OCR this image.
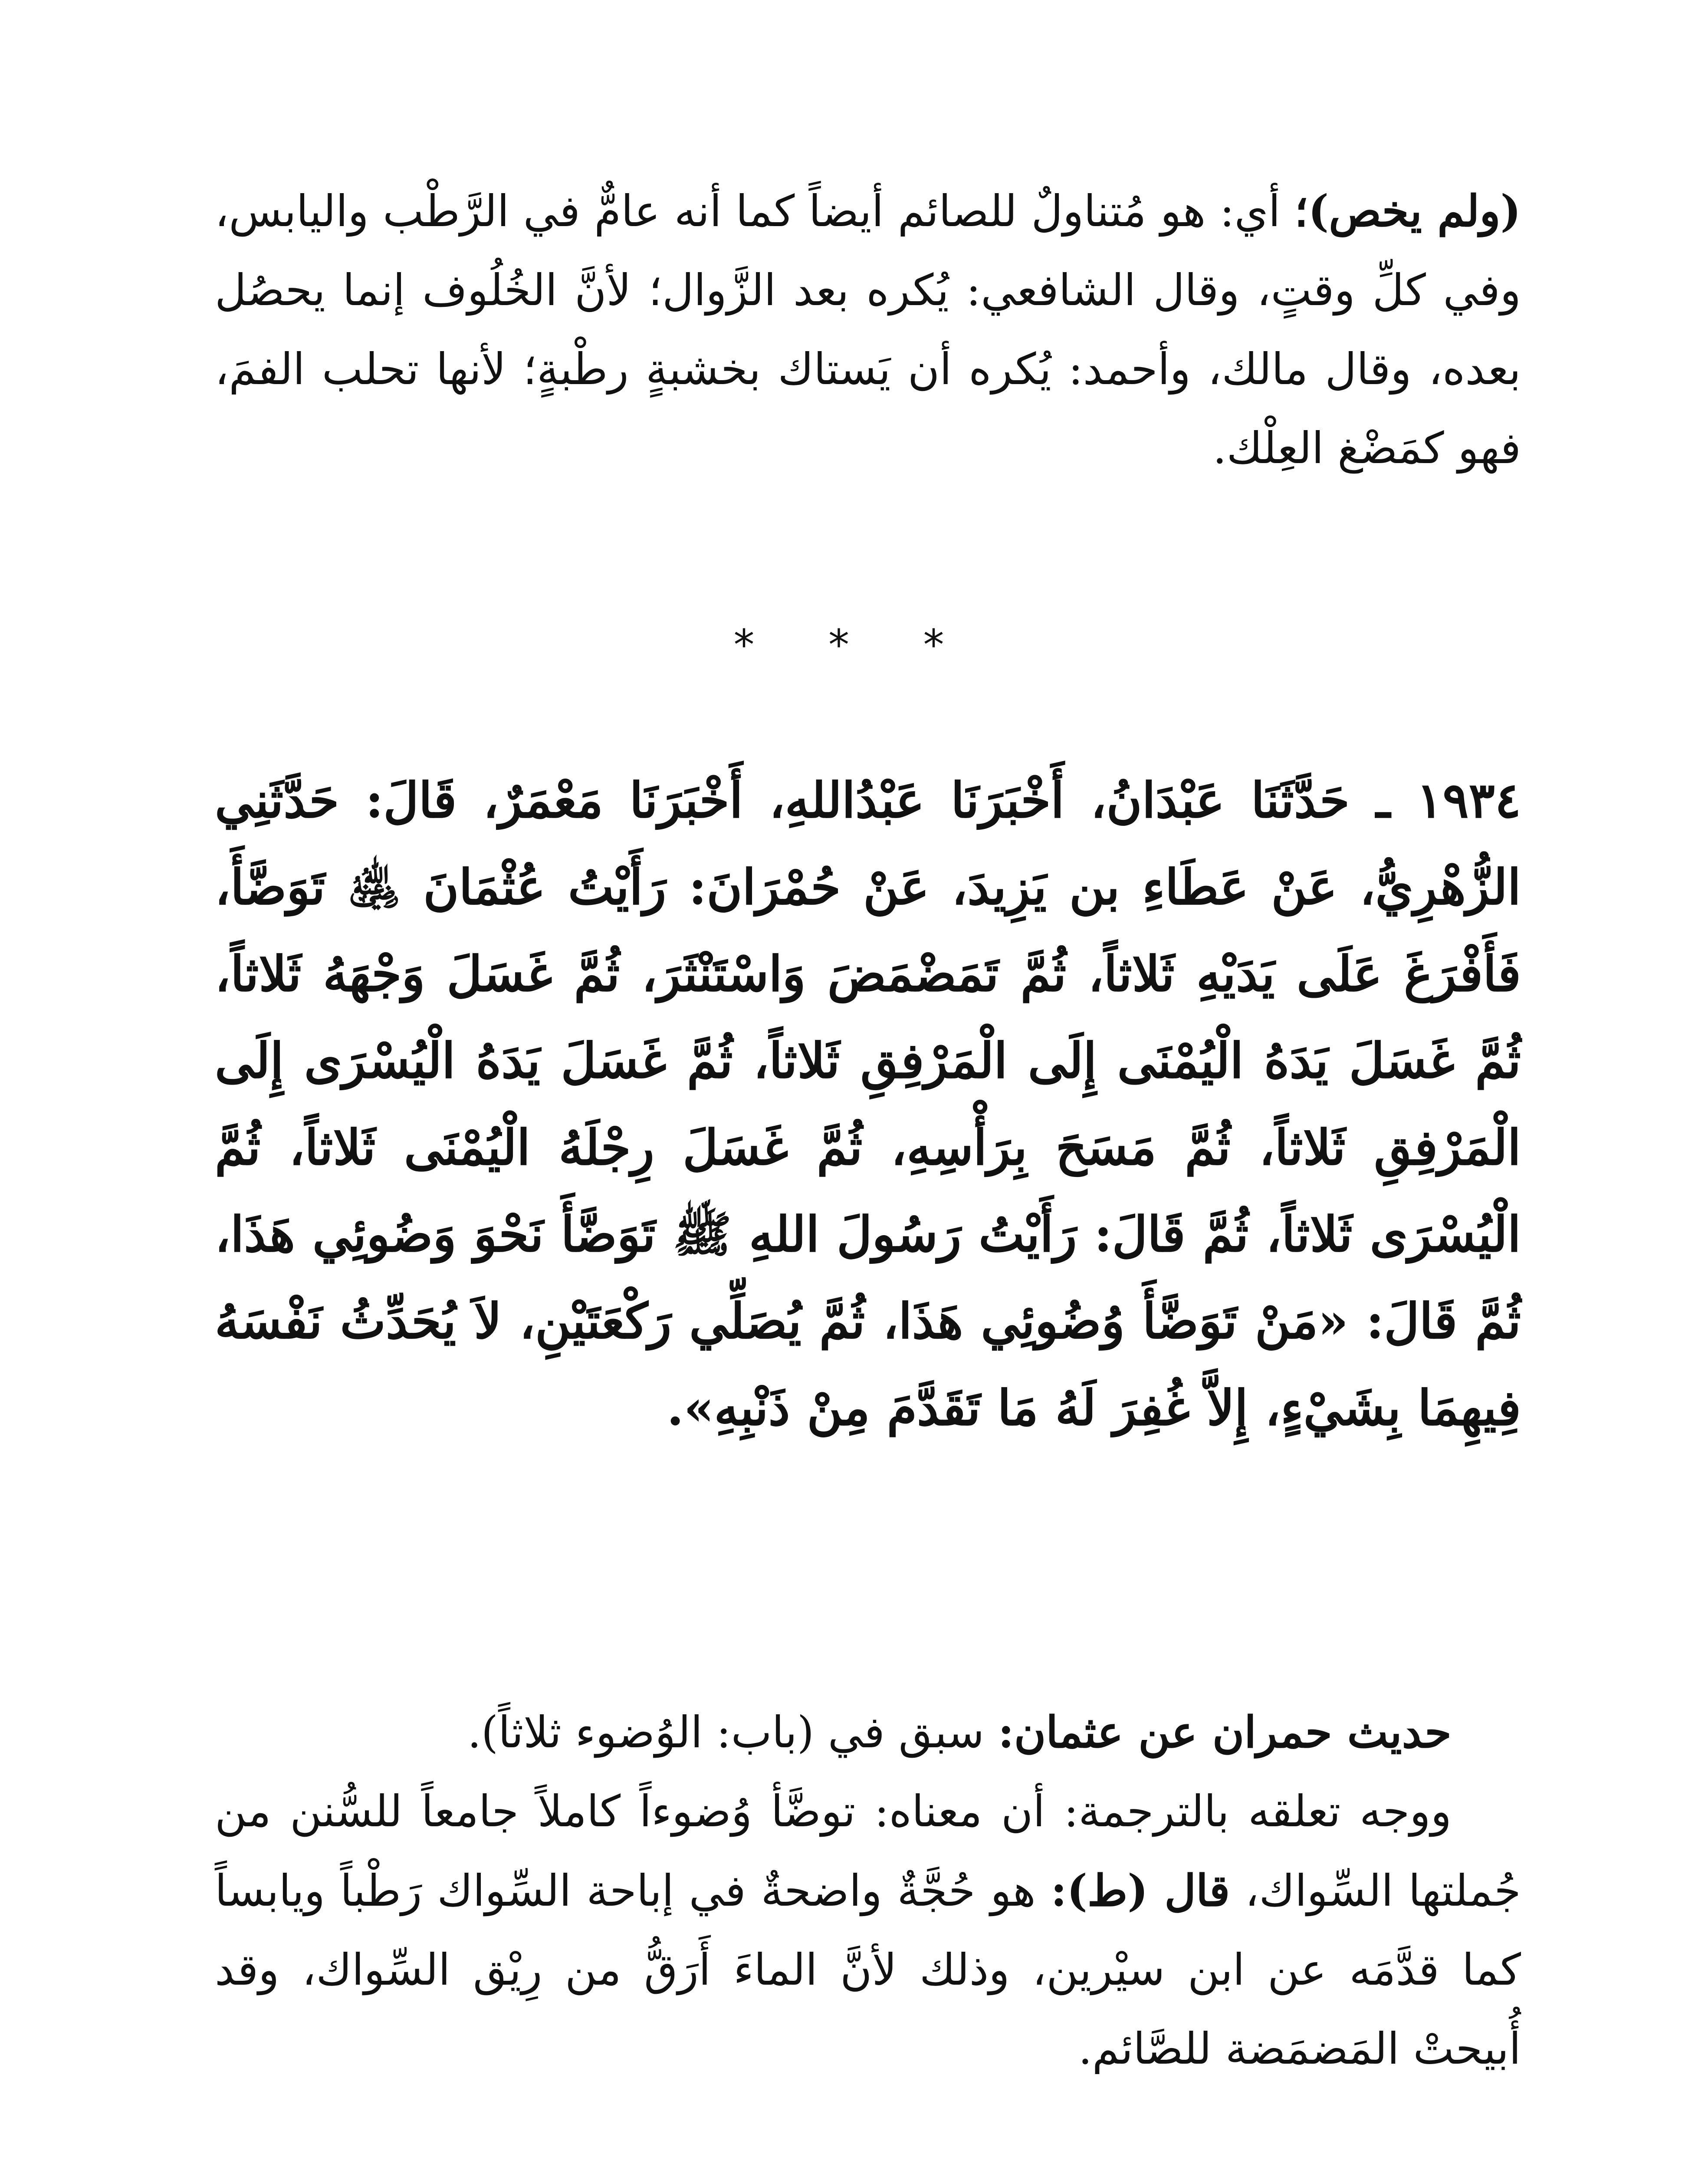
(ولم يخص)؛ أي: هو مُتناولٌ للصائم أيضاً كما أنه عامٌّ في الرَّطْب واليابس، وفي كلِّ وقتٍ، وقال الشافعي: يُكره بعد الزَّوال؛ لأنَّ الخُلُوف إنما يحصُل بعده، وقال مالك، وأحمد: يُكره أن يَستاك بخشبةٍ رطْبةٍ؛ لأنها تحلب الفمَ، فهو كمَضْغ العِلْك.

* * *

١٩٣٤ ـ حَدَّثَنَا عَبْدَانُ، أَخْبَرَنَا عَبْدُاللهِ، أَخْبَرَنَا مَعْمَرٌ، قَالَ: حَدَّثَنِي الزُّهْرِيُّ، عَنْ عَطَاءِ بن يَزِيدَ، عَنْ حُمْرَانَ: رَأَيْتُ عُثْمَانَ ﵁ تَوَضَّأَ، فَأَفْرَغَ عَلَى يَدَيْهِ ثَلاثاً، ثُمَّ تَمَضْمَضَ وَاسْتَنْثَرَ، ثُمَّ غَسَلَ وَجْهَهُ ثَلاثاً، ثُمَّ غَسَلَ يَدَهُ الْيُمْنَى إِلَى الْمَرْفِقِ ثَلاثاً، ثُمَّ غَسَلَ يَدَهُ الْيُسْرَى إِلَى الْمَرْفِقِ ثَلاثاً، ثُمَّ مَسَحَ بِرَأْسِهِ، ثُمَّ غَسَلَ رِجْلَهُ الْيُمْنَى ثَلاثاً، ثُمَّ الْيُسْرَى ثَلاثاً، ثُمَّ قَالَ: رَأَيْتُ رَسُولَ اللهِ ﷺ تَوَضَّأَ نَحْوَ وَضُوئِي هَذَا، ثُمَّ قَالَ: «مَنْ تَوَضَّأَ وُضُوئِي هَذَا، ثُمَّ يُصَلِّي رَكْعَتَيْنِ، لاَ يُحَدِّثُ نَفْسَهُ فِيهِمَا بِشَيْءٍ، إِلاَّ غُفِرَ لَهُ مَا تَقَدَّمَ مِنْ ذَنْبِهِ».

حديث حمران عن عثمان: سبق في (باب: الوُضوء ثلاثاً).
ووجه تعلقه بالترجمة: أن معناه: توضَّأ وُضوءاً كاملاً جامعاً للسُّنن من جُملتها السِّواك، قال (ط): هو حُجَّةٌ واضحةٌ في إباحة السِّواك رَطْباً ويابساً كما قدَّمَه عن ابن سيْرين، وذلك لأنَّ الماءَ أَرَقُّ من رِيْق السِّواك، وقد أُبيحتْ المَضمَضة للصَّائم.
